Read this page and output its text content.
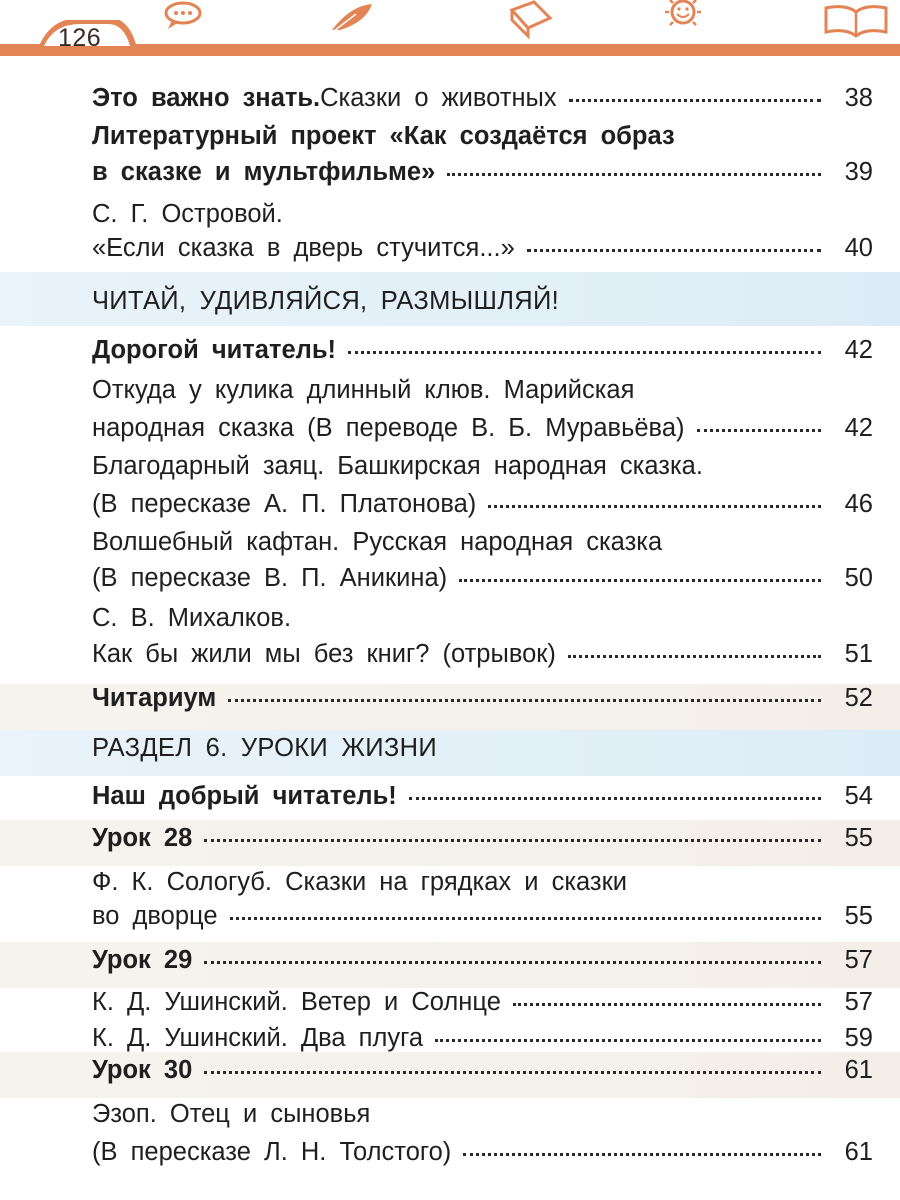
126
Это важно знать. Сказки о животных	38
Литературный проект «Как создаётся образ
в сказке и мультфильме»	39
С. Г. Островой.
«Если сказка в дверь стучится...»	40
ЧИТАЙ, УДИВЛЯЙСЯ, РАЗМЫШЛЯЙ!
Дорогой читатель!	42
Откуда у кулика длинный клюв. Марийская
народная сказка (В переводе В. Б. Муравьёва)	42
Благодарный заяц. Башкирская народная сказка.
(В пересказе А. П. Платонова)	46
Волшебный кафтан. Русская народная сказка
(В пересказе В. П. Аникина)	50
С. В. Михалков.
Как бы жили мы без книг? (отрывок)	51
Читариум	52
РАЗДЕЛ 6. УРОКИ ЖИЗНИ
Наш добрый читатель!	54
Урок 28	55
Ф. К. Сологуб. Сказки на грядках и сказки
во дворце	55
Урок 29	57
К. Д. Ушинский. Ветер и Солнце	57
К. Д. Ушинский. Два плуга	59
Урок 30	61
Эзоп. Отец и сыновья
(В пересказе Л. Н. Толстого)	61
